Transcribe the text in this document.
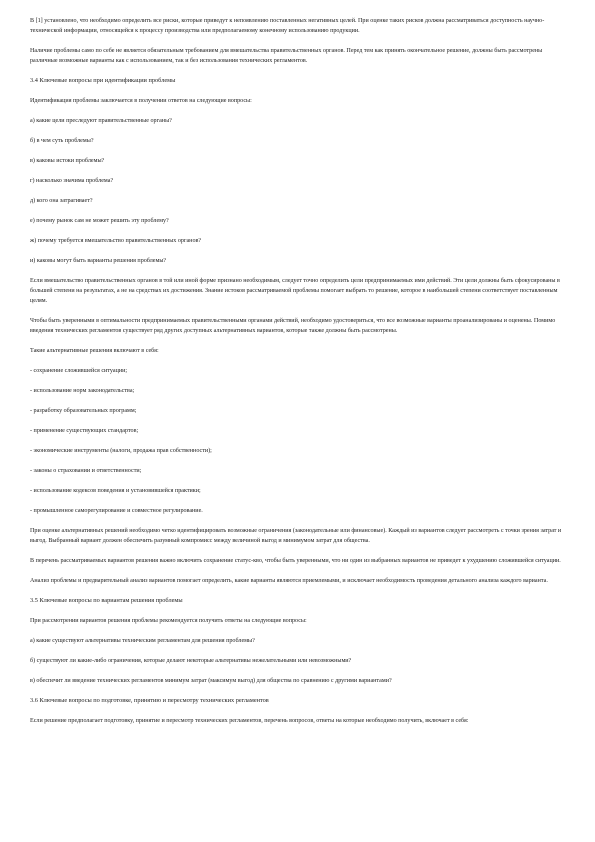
В [1] установлено, что необходимо определить все риски, которые приведут к непоявлению поставленных негативных целей. При оценке таких рисков должна рассматриваться доступность научно-технической информации, относящейся к процессу производства или предполагаемому конечному использованию продукции.

Наличие проблемы само по себе не является обязательным требованием для вмешательства правительственных органов. Перед тем как принять окончательное решение, должны быть рассмотрены различные возможные варианты как с использованием, так и без использования технических регламентов.

3.4 Ключевые вопросы при идентификации проблемы

Идентификация проблемы заключается в получении ответов на следующие вопросы:

а) какие цели преследуют правительственные органы?

б) в чем суть проблемы?

в) каковы истоки проблемы?

г) насколько значима проблема?

д) кого она затрагивает?

е) почему рынок сам не может решить эту проблему?

ж) почему требуется вмешательство правительственных органов?

и) каковы могут быть варианты решения проблемы?

Если вмешательство правительственных органов в той или иной форме признано необходимым, следует точно определить цели предпринимаемых ими действий. Эти цели должны быть сфокусированы в большей степени на результатах, а не на средствах их достижения. Знание истоков рассматриваемой проблемы помогает выбрать то решение, которое в наибольшей степени соответствует поставленным целям.

Чтобы быть уверенными в оптимальности предпринимаемых правительственными органами действий, необходимо удостовериться, что все возможные варианты проанализированы и оценены. Помимо введения технических регламентов существует ряд других доступных альтернативных вариантов, которые также должны быть рассмотрены.

Такие альтернативные решения включают в себя:

- сохранение сложившейся ситуации;

- использование норм законодательства;

- разработку образовательных программ;

- применение существующих стандартов;

- экономические инструменты (налоги, продажа прав собственности);

- законы о страховании и ответственности;

- использование кодексов поведения и установившейся практики;

- промышленное саморегулирование и совместное регулирование.

При оценке альтернативных решений необходимо четко идентифицировать возможные ограничения (законодательные или финансовые). Каждый из вариантов следует рассмотреть с точки зрения затрат и выгод. Выбранный вариант должен обеспечить разумный компромисс между величиной выгод и минимумом затрат для общества.

В перечень рассматриваемых вариантов решения важно включить сохранение статус-кво, чтобы быть уверенными, что ни один из выбранных вариантов не приведет к ухудшению сложившейся ситуации.

Анализ проблемы и предварительный анализ вариантов помогает определить, какие варианты являются приемлемыми, и исключает необходимость проведения детального анализа каждого варианта.

3.5 Ключевые вопросы по вариантам решения проблемы

При рассмотрении вариантов решения проблемы рекомендуется получить ответы на следующие вопросы:

а) какие существуют альтернативы техническим регламентам для решения проблемы?

б) существуют ли какие-либо ограничения, которые делают некоторые альтернативы нежелательными или невозможными?

в) обеспечит ли введение технических регламентов минимум затрат (максимум выгод) для общества по сравнению с другими вариантами?

3.6 Ключевые вопросы по подготовке, принятию и пересмотру технических регламентов

Если решение предполагает подготовку, принятие и пересмотр технических регламентов, перечень вопросов, ответы на которые необходимо получить, включает в себя:
